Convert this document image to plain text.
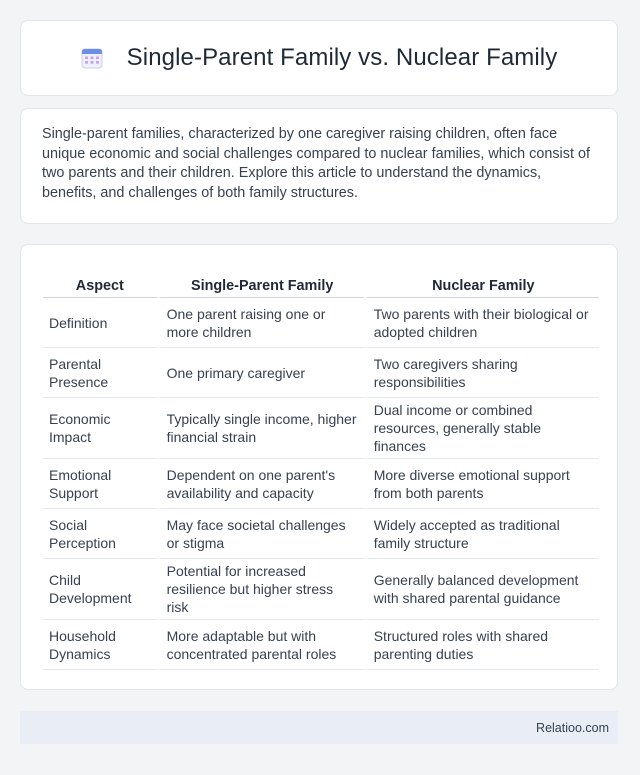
Single-Parent Family vs. Nuclear Family

Single-parent families, characterized by one caregiver raising children, often face unique economic and social challenges compared to nuclear families, which consist of two parents and their children. Explore this article to understand the dynamics, benefits, and challenges of both family structures.

Aspect	Single-Parent Family	Nuclear Family
Definition	One parent raising one or more children	Two parents with their biological or adopted children
Parental Presence	One primary caregiver	Two caregivers sharing responsibilities
Economic Impact	Typically single income, higher financial strain	Dual income or combined resources, generally stable finances
Emotional Support	Dependent on one parent's availability and capacity	More diverse emotional support from both parents
Social Perception	May face societal challenges or stigma	Widely accepted as traditional family structure
Child Development	Potential for increased resilience but higher stress risk	Generally balanced development with shared parental guidance
Household Dynamics	More adaptable but with concentrated parental roles	Structured roles with shared parenting duties
Relatioo.com
